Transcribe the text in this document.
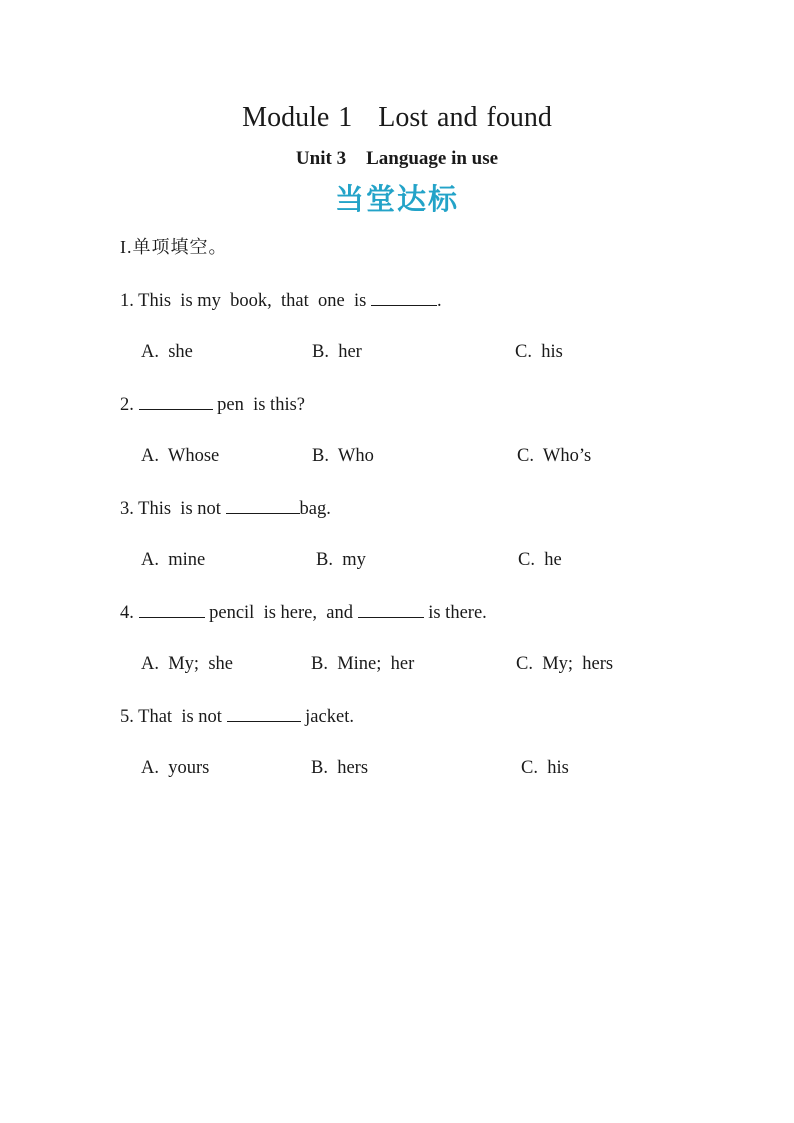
Module 1 Lost and found
Unit 3 Language in use
当堂达标
I.单项填空。
1. This  is my  book,  that  one  is	.
A.  she	B.  her	C.  his
2.	pen  is this?
A.  Whose	B.  Who	C.  Who’s
3. This  is not	bag.
A.  mine	B.  my	C.  he
4.	pencil  is here,  and	is there.
A.  My;  she	B.  Mine;  her	C.  My;  hers
5. That  is not	jacket.
A.  yours	B.  hers	C.  his
